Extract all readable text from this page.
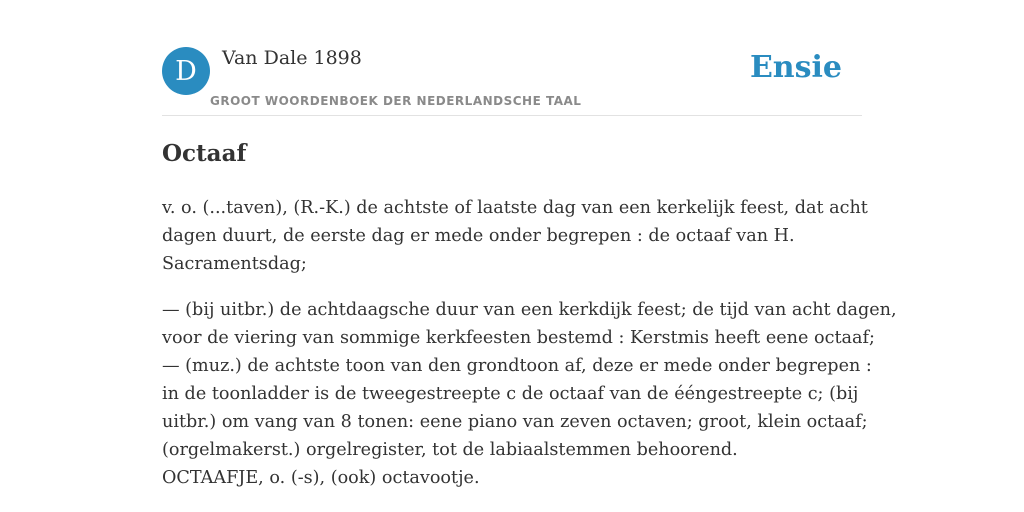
D	Van Dale 1898
GROOT WOORDENBOEK DER NEDERLANDSCHE TAAL
Ensie
Octaaf

v. o. (...taven), (R.-K.) de achtste of laatste dag van een kerkelijk feest, dat acht
dagen duurt, de eerste dag er mede onder begrepen : de octaaf van H.
Sacramentsdag;

— (bij uitbr.) de achtdaagsche duur van een kerkdijk feest; de tijd van acht dagen,
voor de viering van sommige kerkfeesten bestemd : Kerstmis heeft eene octaaf;
— (muz.) de achtste toon van den grondtoon af, deze er mede onder begrepen :
in de toonladder is de tweegestreepte c de octaaf van de ééngestreepte c; (bij
uitbr.) om vang van 8 tonen: eene piano van zeven octaven; groot, klein octaaf;
(orgelmakerst.) orgelregister, tot de labiaalstemmen behoorend.
OCTAAFJE, o. (-s), (ook) octavootje.
